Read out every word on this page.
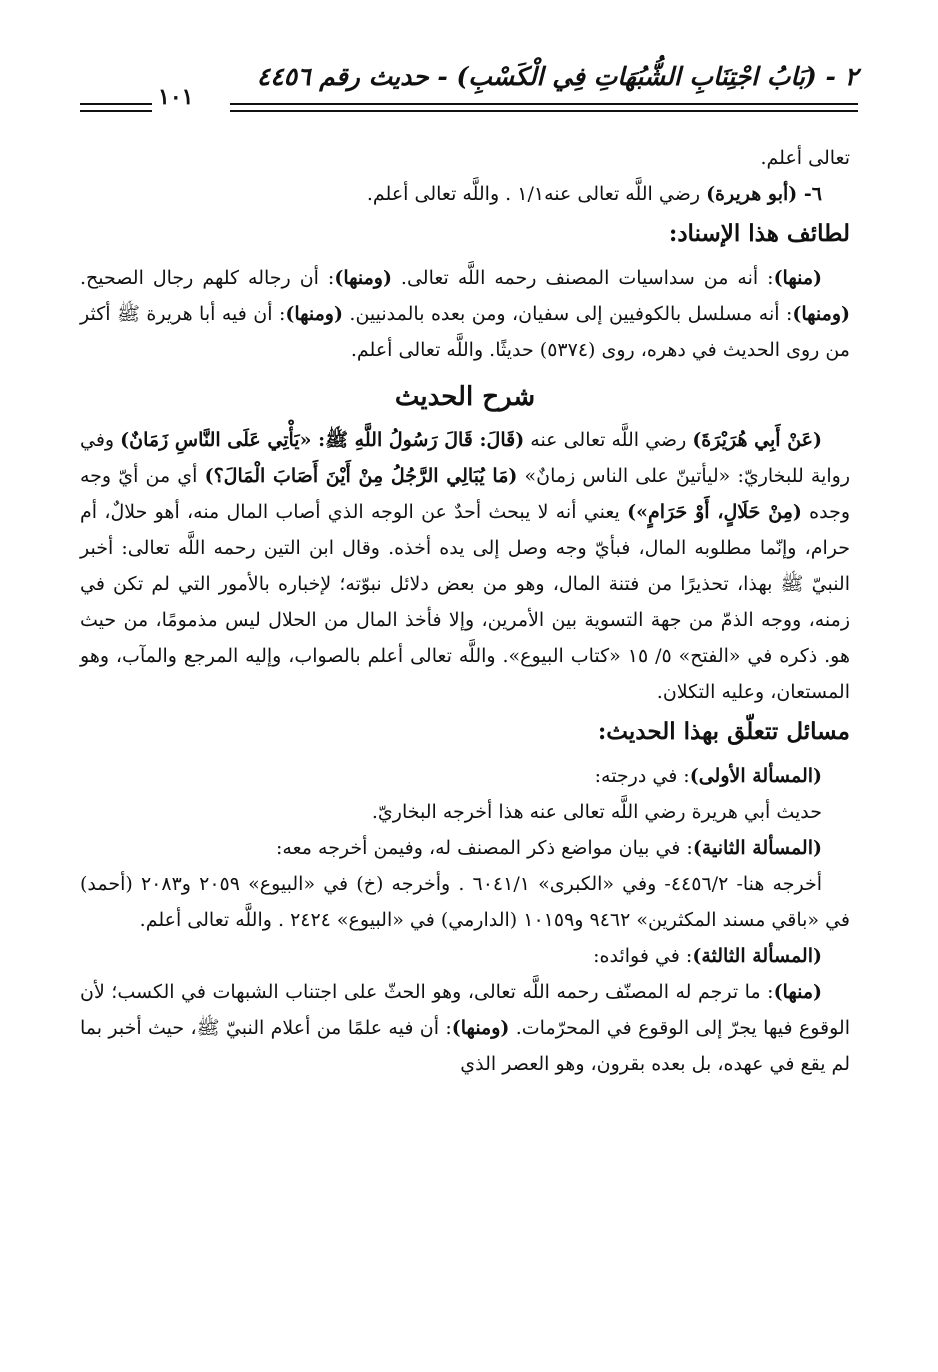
٢ - (بَابُ اجْتِنَابِ الشُّبُهَاتِ فِي الْكَسْبِ) - حديث رقم ٤٤٥٦
١٠١

تعالى أعلم.

٦- (أبو هريرة) رضي اللَّه تعالى عنه١/١ . واللَّه تعالى أعلم.

لطائف هذا الإسناد:

(منها): أنه من سداسيات المصنف رحمه اللَّه تعالى. (ومنها): أن رجاله كلهم رجال الصحيح. (ومنها): أنه مسلسل بالكوفيين إلى سفيان، ومن بعده بالمدنيين. (ومنها): أن فيه أبا هريرة ﷺ أكثر من روى الحديث في دهره، روى (٥٣٧٤) حديثًا. واللَّه تعالى أعلم.

شرح الحديث

(عَنْ أَبِي هُرَيْرَةَ) رضي اللَّه تعالى عنه (قَالَ: قَالَ رَسُولُ اللَّهِ ﷺ: «يَأْتِي عَلَى النَّاسِ زَمَانٌ) وفي رواية للبخاريّ: «ليأتينّ على الناس زمانٌ» (مَا يُبَالِي الرَّجُلُ مِنْ أَيْنَ أَصَابَ الْمَالَ؟) أي من أيّ وجه وجده (مِنْ حَلَالٍ، أَوْ حَرَامٍ») يعني أنه لا يبحث أحدٌ عن الوجه الذي أصاب المال منه، أهو حلالٌ، أم حرام، وإنّما مطلوبه المال، فبأيّ وجه وصل إلى يده أخذه. وقال ابن التين رحمه اللَّه تعالى: أخبر النبيّ ﷺ بهذا، تحذيرًا من فتنة المال، وهو من بعض دلائل نبوّته؛ لإخباره بالأمور التي لم تكن في زمنه، ووجه الذمّ من جهة التسوية بين الأمرين، وإلا فأخذ المال من الحلال ليس مذمومًا، من حيث هو. ذكره في «الفتح» ٥/ ١٥ «كتاب البيوع». واللَّه تعالى أعلم بالصواب، وإليه المرجع والمآب، وهو المستعان، وعليه التكلان.

مسائل تتعلّق بهذا الحديث:

(المسألة الأولى): في درجته:

حديث أبي هريرة رضي اللَّه تعالى عنه هذا أخرجه البخاريّ.

(المسألة الثانية): في بيان مواضع ذكر المصنف له، وفيمن أخرجه معه:

أخرجه هنا- ٤٤٥٦/٢- وفي «الكبرى» ٦٠٤١/١ . وأخرجه (خ) في «البيوع» ٢٠٥٩ و٢٠٨٣ (أحمد) في «باقي مسند المكثرين» ٩٤٦٢ و١٠١٥٩ (الدارمي) في «البيوع» ٢٤٢٤ . واللَّه تعالى أعلم.

(المسألة الثالثة): في فوائده:

(منها): ما ترجم له المصنّف رحمه اللَّه تعالى، وهو الحثّ على اجتناب الشبهات في الكسب؛ لأن الوقوع فيها يجرّ إلى الوقوع في المحرّمات. (ومنها): أن فيه علمًا من أعلام النبيّ ﷺ، حيث أخبر بما لم يقع في عهده، بل بعده بقرون، وهو العصر الذي
